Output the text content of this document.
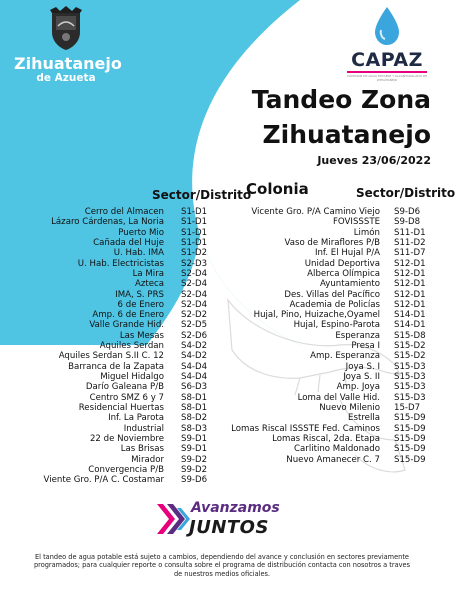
Zihuatanejo
de Azueta
CAPAZ
COMISION DE AGUA POTABLE Y ALCANTARILLADO DE ZIHUATANEJO
Tandeo Zona
Zihuatanejo
Jueves 23/06/2022
Sector/Distrito
Colonia	Sector/Distrito
Cerro del Almacen	S1-D1
Lázaro Cárdenas, La Noria	S1-D1
Puerto Mio	S1-D1
Cañada del Huje	S1-D1
U. Hab. IMA	S1-D2
U. Hab. Electricistas	S2-D3
La Mira	S2-D4
Azteca	S2-D4
IMA, S. PRS	S2-D4
6 de Enero	S2-D4
Amp. 6 de Enero	S2-D2
Valle Grande Hid.	S2-D5
Las Mesas	S2-D6
Aquiles Serdan	S4-D2
Aquiles Serdan S.II C. 12	S4-D2
Barranca de la Zapata	S4-D4
Miguel Hidalgo	S4-D4
Darío Galeana P/B	S6-D3
Centro SMZ 6 y 7	S8-D1
Residencial Huertas	S8-D1
Inf. La Parota	S8-D2
Industrial	S8-D3
22 de Noviembre	S9-D1
Las Brisas	S9-D1
Mirador	S9-D2
Convergencia P/B	S9-D2
Viente Gro. P/A C. Costamar	S9-D6
Vicente Gro. P/A Camino Viejo	S9-D6
FOVISSSTE	S9-D8
Limón	S11-D1
Vaso de Miraflores P/B	S11-D2
Inf. El Hujal P/A	S11-D7
Unidad Deportiva	S12-D1
Alberca Olímpica	S12-D1
Ayuntamiento	S12-D1
Des. Villas del Pacífico	S12-D1
Academia de Policías	S12-D1
Hujal, Pino, Huizache,Oyamel	S14-D1
Hujal, Espino-Parota	S14-D1
Esperanza	S15-D8
Presa I	S15-D2
Amp. Esperanza	S15-D2
Joya S. I	S15-D3
Joya S. II	S15-D3
Amp. Joya	S15-D3
Loma del Valle Hid.	S15-D3
Nuevo Milenio	15-D7
Estrella	S15-D9
Lomas Riscal ISSSTE Fed. Caminos	S15-D9
Lomas Riscal, 2da. Etapa	S15-D9
Carlitino Maldonado	S15-D9
Nuevo Amanecer C. 7	S15-D9
Avanzamos
JUNTOS
El tandeo de agua potable está sujeto a cambios, dependiendo del avance y conclusión en sectores previamente programados; para cualquier reporte o consulta sobre el programa de distribución contacta con nosotros a traves de nuestros medios oficiales.
